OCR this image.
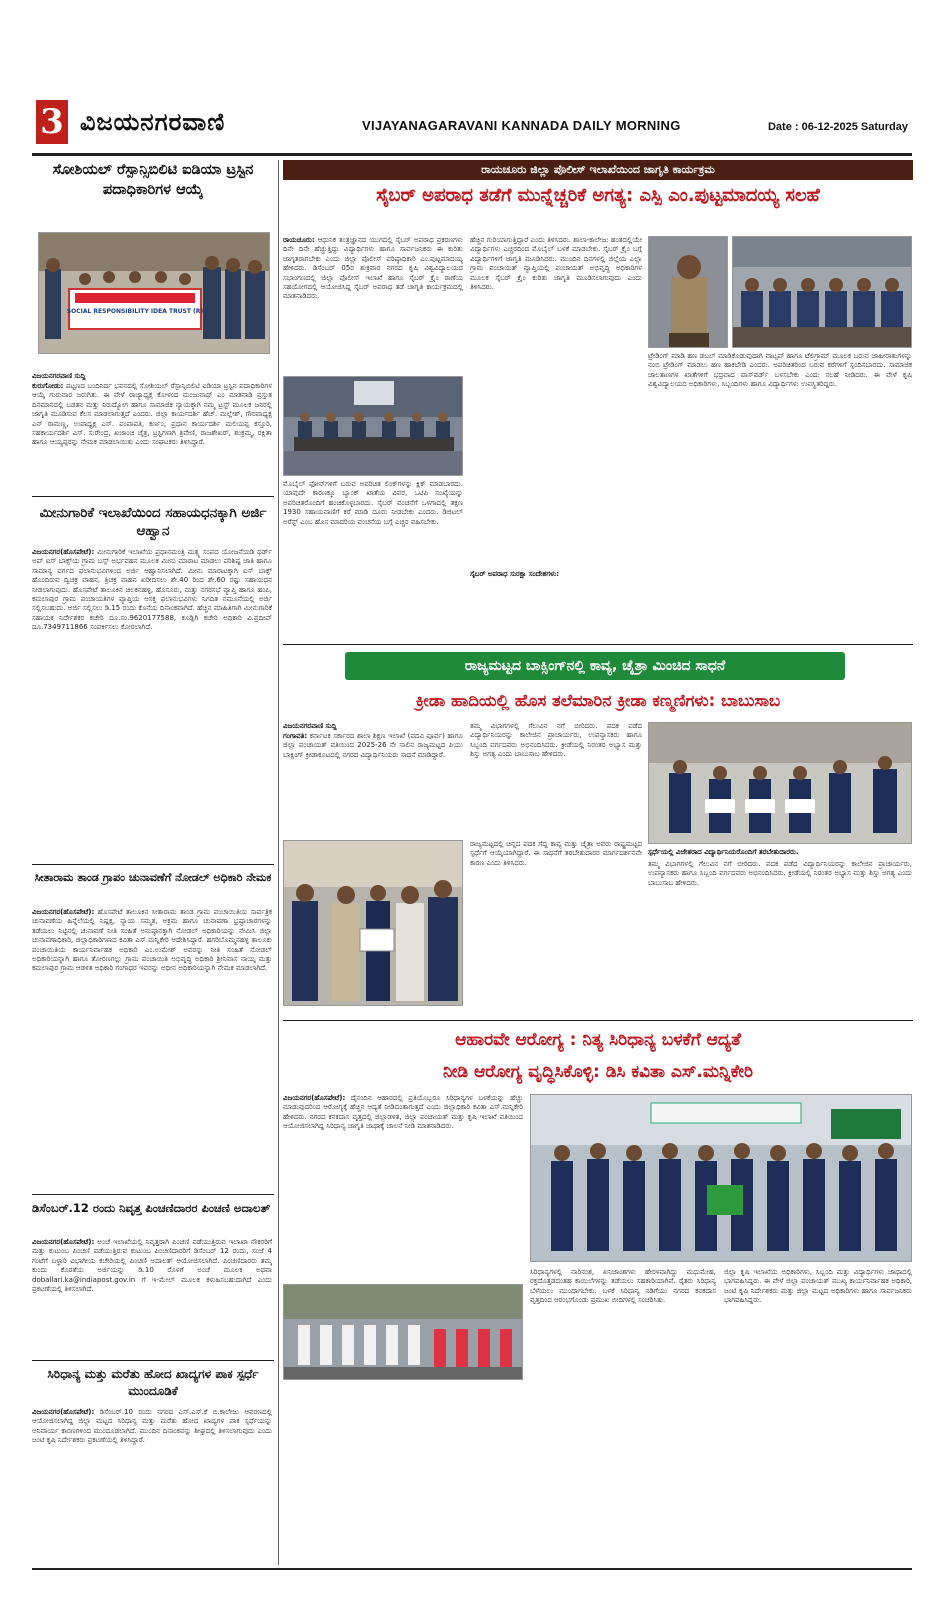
3 ವಿಜಯನಗರವಾಣಿ	VIJAYANAGARAVANI KANNADA DAILY MORNING	Date : 06-12-2025 Saturday
ಸೋಶಿಯಲ್ ರೆಸ್ಪಾನ್ಸಿಬಿಲಿಟಿ ಐಡಿಯಾ ಟ್ರಸ್ಟಿನ ಪದಾಧಿಕಾರಿಗಳ ಆಯ್ಕೆ
SOCIAL RESPONSIBILITY IDEA TRUST (R)
ವಿಜಯನಗರವಾಣಿ ಸುದ್ದಿ
ಕುರುಗೋಡು: ಪಟ್ಟಣದ ಬಂದಿನಿರ್ದ ಭವನದಲ್ಲಿ ಸೋಶಿಯಲ್ ರೆಸ್ಪಾನ್ಸಿಬಿಲಿಟಿ ಐಡಿಯಾ ಟ್ರಸ್ಟಿನ ಪದಾಧಿಕಾರಿಗಳ ಆಯ್ಕೆ ಗುರುವಾರ ಜರುಗಿತು. ಈ ವೇಳೆ ರಾಜ್ಯಾಧ್ಯಕ್ಷ ಕೋಳಂದ ಮಂಜುನಾಥ್ ಎಂ ಮಾತನಾಡಿ ಪ್ರಸ್ತುತ ದಿನಮಾನದಲ್ಲಿ ಬಡತನ ಮತ್ತು ನಿರುದ್ಯೋಗ ಹಾಗೂ ಸಾಮಾಜಿಕ ನ್ಯಾಯಕ್ಕಾಗಿ ನಮ್ಮ ಟ್ರಸ್ಟ್ ಮೂಲಕ ಜನರಲ್ಲಿ ಜಾಗೃತಿ ಮೂಡಿಸುವ ಕೆಲಸ ಮಾಡಲಾಗುತ್ತದೆ ಎಂದರು. ಜಿಲ್ಲಾ ಕಾರ್ಯದರ್ಶಿ ಹೆಚ್. ಮಲ್ಲೇಶ್, ಗೌರವಾಧ್ಯಕ್ಷ ಎನ್ ರಾಮಣ್ಣ, ಉಪಾಧ್ಯಕ್ಷ ಎಸ್. ಪಂಪಾಪತಿ, ಕರ್ಣಂ, ಪ್ರಧಾನ ಕಾರ್ಯದರ್ಶಿ ಮಲಿಯಪ್ಪ ಕಸ್ತೂರಿ, ಸಹಕಾರ್ಯದರ್ಶಿ ಎಸ್. ಸುರೇಂದ್ರ, ಖಜಾಂಚಿ ಚೈತ್ರ, ಟ್ರಸ್ಟಿಗಳಾಗಿ ತ್ರಿವೇಣಿ, ರಾಜಶೇಖರ್, ಶಂಕ್ರಮ್ಮ, ರಕ್ಷಿತಾ ಹಾಗೂ ಆಯ್ಯಪ್ಪರನ್ನು ನೇಮಕ ಮಾಡಲಾಯಿತು ಎಂದು ಸಂಘಟಕರು ತಿಳಿಸಿದ್ದಾರೆ.
ಮೀನುಗಾರಿಕೆ ಇಲಾಖೆಯಿಂದ ಸಹಾಯಧನಕ್ಕಾಗಿ ಅರ್ಜಿ ಆಹ್ವಾನ
ವಿಜಯನಗರ(ಹೊಸಪೇಟೆ): ಮೀನುಗಾರಿಕೆ ಇಲಾಖೆಯ ಪ್ರಧಾನಮಂತ್ರಿ ಮತ್ಸ್ಯ ಸಂಪದ ಯೋಜನೆಯಡಿ ಥರ್ಡ್ ಅಪ್ ಐಸ್ ಬಾಕ್ಸ್‌ಯ ಗ್ರಾಮ ಬಸ್ಸ್ ಅರ್ಭವಹನ ಮೂಲಕ ಮೀನು ಮಾರಾಟ ಮಾಡಲು ಪರಿಶಿಷ್ಟ ಜಾತಿ ಹಾಗೂ ಸಾಮಾನ್ಯ ವರ್ಗದ ಫಲಾನುಭವಿಗಳಿಂದ ಅರ್ಜಿ ಆಹ್ವಾನಿಸಲಾಗಿದೆ. ಮೀನು ಮಾರಾಟಕ್ಕಾಗಿ ಐಸ್ ಬಾಕ್ಸ್ ಹೊಂದಿರುವ ದ್ವಿಚಕ್ರ ವಾಹನ, ತ್ರಿಚಕ್ರ ವಾಹನ ಖರೀದಿಸಲು ಶೇ.40 ರಿಂದ ಶೇ.60 ರಷ್ಟು ಸಹಾಯಧನ ನೀಡಲಾಗುವುದು. ಹೊಸಪೇಟೆ ತಾಲೂಕಿನ ಚಿಲಕನಹಳ್ಳಿ, ಹೊಸೂರು, ಮತ್ತು ನಗರಸಭೆ ವ್ಯಾಪ್ತಿ ಹಾಗೂ ಹಂಪಿ, ಕಮಲಾಪುರ ಗ್ರಾಮ ಪಂಚಾಯತಿಗಳ ವ್ಯಾಪ್ತಿಯ ಆಸಕ್ತ ಫಲಾನುಭವಿಗಳು ನಿಗದಿತ ನಮೂನೆಯಲ್ಲಿ ಅರ್ಜಿ ಸಲ್ಲಿಸಬಹುದು. ಅರ್ಜಿ ಸಲ್ಲಿಸಲು ಡಿ.15 ರಂದು ಕೊನೆಯ ದಿನಾಂಕವಾಗಿದೆ. ಹೆಚ್ಚಿನ ಮಾಹಿತಿಗಾಗಿ ಮೀನುಗಾರಿಕೆ ಸಹಾಯಕ ನಿರ್ದೇಶಕರ ಕಚೇರಿ ದೂ.ಸಂ.9620177588, ಕೂಡ್ಲಿಗಿ ಕಚೇರಿ ಅಧಿಕಾರಿ ವಿ.ಪ್ರದೀಪ್ ದೂ.7349711866 ಸಂಪರ್ಕಿಸಲು ಕೋರಲಾಗಿದೆ.
ಸೀತಾರಾಮ ತಾಂಡ ಗ್ರಾಪಂ ಚುನಾವಣೆಗೆ ನೋಡಲ್ ಅಧಿಕಾರಿ ನೇಮಕ
ವಿಜಯನಗರ(ಹೊಸಪೇಟೆ): ಹೊಸಪೇಟೆ ತಾಲೂಕಿನ ಸೀತಾರಾಮ ತಾಂಡ ಗ್ರಾಮ ಪಂಚಾಯಿತಿಯ ಸಾರ್ವತ್ರಿಕ ಚುನಾವಣೆಯ ಹಿನ್ನೆಲೆಯಲ್ಲಿ ನಿಷ್ಪಕ್ಷ, ನ್ಯಾಯ ಸಮ್ಮತ, ಅಕ್ರಮ ಹಾಗೂ ಚುನಾವಣಾ ಭ್ರಷ್ಟಾಚಾರಗಳನ್ನು ತಡೆಯಲು ನಿಟ್ಟಿನಲ್ಲಿ ಚುನಾವಣೆ ನೀತಿ ಸಂಹಿತೆ ಅನುಷ್ಠಾನಕ್ಕಾಗಿ ನೋಡಲ್ ಅಧಿಕಾರಿಯನ್ನು ನೇಮಿಸಿ ಜಿಲ್ಲಾ ಚುನಾವಣಾಧಿಕಾರಿ, ಜಿಲ್ಲಾಧಿಕಾರಿಗಳಾದ ಕವಿತಾ ಎಸ್.ಮನ್ನಿಕೇರಿ ಆದೇಶಿಸಿದ್ದಾರೆ. ಹಗರಿಬೊಮ್ಮನಹಳ್ಳಿ ತಾಲೂಕು ಪಂಚಾಯಿತಿಯ ಕಾರ್ಯನಿರ್ವಾಹಕ ಅಧಿಕಾರಿ ಎಂ.ಉಮೇಶ್ ಅವರನ್ನು ನೀತಿ ಸಂಹಿತೆ ನೋಡಲ್ ಅಧಿಕಾರಿಯನ್ನಾಗಿ ಹಾಗೂ ತೋರಣಗಲ್ಲು ಗ್ರಾಮ ಪಂಚಾಯಿತಿ ಅಭಿವೃದ್ಧಿ ಅಧಿಕಾರಿ ಶ್ರೀನಿವಾಸ ನಾಯ್ಕ ಮತ್ತು ಕಮಲಾಪುರ ಗ್ರಾಮ ಆಡಳಿತ ಅಧಿಕಾರಿ ಗಂಗಾಧರ ಇವರನ್ನು ಅಧೀನ ಅಧಿಕಾರಿಯನ್ನಾಗಿ ನೇಮಕ ಮಾಡಲಾಗಿದೆ.
ಡಿಸೆಂಬರ್.12 ರಂದು ನಿವೃತ್ತ ಪಿಂಚಣಿದಾರರ ಪಿಂಚಣಿ ಅದಾಲತ್
ವಿಜಯನಗರ(ಹೊಸಪೇಟೆ): ಅಂಚೆ ಇಲಾಖೆಯಲ್ಲಿ ನಿವೃತ್ತರಾಗಿ ಪಿಂಚಣಿ ಪಡೆಯುತ್ತಿರುವ ಇಲಾಖಾ ನೌಕರರಿಗೆ ಮತ್ತು ಕುಟುಂಬ ಪಿಂಚಣಿ ಪಡೆಯುತ್ತಿರುವ ಕುಟುಂಬ ಪಿಂಚಣಿದಾರರಿಗೆ ಡಿಸೆಂಬರ್ 12 ರಂದು, ಸಂಜೆ 4 ಗಂಟೆಗೆ ಬಳ್ಳಾರಿ ವಿಭಾಗೀಯ ಕಚೇರಿಯಲ್ಲಿ ಪಿಂಚಣಿ ಅದಾಲತ್ ಆಯೋಜಿಸಲಾಗಿದೆ. ಪಿಂಚಣಿದಾರರು ತಮ್ಮ ಕುಂದು ಕೊರತೆಯ ಅರ್ಜಿಯನ್ನು ಡಿ.10 ರೊಳಗೆ ಅಂಚೆ ಮೂಲಕ ಅಥವಾ doballari.ka@indiapost.gov.in ಗೆ ಇ-ಮೇಲ್ ಮೂಲಕ ಕಳುಹಿಸಬಹುದಾಗಿದೆ ಎಂದು ಪ್ರಕಟಣೆಯಲ್ಲಿ ತಿಳಿಸಲಾಗಿದೆ.
ಸಿರಿಧಾನ್ಯ ಮತ್ತು ಮರೆತು ಹೋದ ಖಾದ್ಯಗಳ ಪಾಕ ಸ್ಪರ್ಧೆ ಮುಂದೂಡಿಕೆ
ವಿಜಯನಗರ(ಹೊಸಪೇಟೆ): ಡಿಸೆಂಬರ್.10 ರಂದು ನಗರದ ಎಸ್.ಎಸ್.ಕೆ ಬಿ.ಕಾಲೇಜು ಆವರಣದಲ್ಲಿ ಆಯೋಜಿಸಲಾಗಿದ್ದ ಜಿಲ್ಲಾ ಮಟ್ಟದ ಸಿರಿಧಾನ್ಯ ಮತ್ತು ಮರೆತು ಹೋದ ಖಾದ್ಯಗಳ ಪಾಕ ಸ್ಪರ್ಧೆಯನ್ನು ಅನಿವಾರ್ಯ ಕಾರಣಗಳಿಂದ ಮುಂದೂಡಲಾಗಿದೆ. ಮುಂದಿನ ದಿನಾಂಕವನ್ನು ಶೀಘ್ರದಲ್ಲಿ ತಿಳಿಸಲಾಗುವುದು ಎಂದು ಜಂಟಿ ಕೃಷಿ ನಿರ್ದೇಶಕರು ಪ್ರಕಟಣೆಯಲ್ಲಿ ತಿಳಿಸಿದ್ದಾರೆ.
ರಾಯಚೂರು ಜಿಲ್ಲಾ ಪೊಲೀಸ್ ಇಲಾಖೆಯಿಂದ ಜಾಗೃತಿ ಕಾರ್ಯಕ್ರಮ
ಸೈಬರ್ ಅಪರಾಧ ತಡೆಗೆ ಮುನ್ನೆಚ್ಚರಿಕೆ ಅಗತ್ಯ: ಎಸ್ಪಿ ಎಂ.ಪುಟ್ಟಮಾದಯ್ಯ ಸಲಹೆ
ರಾಯಚೂರು: ಆಧುನಿಕ ತಂತ್ರಜ್ಞಾನದ ಯುಗದಲ್ಲಿ ಸೈಬರ್ ಅಪರಾಧ ಪ್ರಕರಣಗಳು ದಿನೇ ದಿನೇ ಹೆಚ್ಚುತ್ತಿದ್ದು ವಿದ್ಯಾರ್ಥಿಗಳು ಹಾಗೂ ಸಾರ್ವಜನಿಕರು ಈ ಕುರಿತು ಜಾಗೃತರಾಗಬೇಕು ಎಂದು ಜಿಲ್ಲಾ ಪೊಲೀಸ್ ವರಿಷ್ಠಾಧಿಕಾರಿ ಎಂ.ಪುಟ್ಟಮಾದಯ್ಯ ಹೇಳಿದರು. ಡಿಸೆಂಬರ್ 05ರ ಶುಕ್ರವಾರ ನಗರದ ಕೃಷಿ ವಿಶ್ವವಿದ್ಯಾಲಯದ ಸಭಾಂಗಣದಲ್ಲಿ ಜಿಲ್ಲಾ ಪೊಲೀಸ್ ಇಲಾಖೆ ಹಾಗೂ ಸೈಬರ್ ಕ್ರೈಂ ಠಾಣೆಯ ಸಹಯೋಗದಲ್ಲಿ ಆಯೋಜಿಸಿದ್ದ ಸೈಬರ್ ಅಪರಾಧ ತಡೆ ಜಾಗೃತಿ ಕಾರ್ಯಕ್ರಮದಲ್ಲಿ ಮಾತನಾಡಿದರು.
ಮೊಬೈಲ್ ಫೋನ್‌ಗಳಿಗೆ ಬರುವ ಅಪರಿಚಿತ ಲಿಂಕ್‌ಗಳನ್ನು ಕ್ಲಿಕ್ ಮಾಡಬಾರದು. ಯಾವುದೇ ಕಾರಣಕ್ಕೂ ಬ್ಯಾಂಕ್ ಖಾತೆಯ ವಿವರ, ಒಟಿಪಿ ಸಂಖ್ಯೆಯನ್ನು ಅಪರಿಚಿತರೊಂದಿಗೆ ಹಂಚಿಕೊಳ್ಳಬಾರದು. ಸೈಬರ್ ವಂಚನೆಗೆ ಒಳಗಾದಲ್ಲಿ ತಕ್ಷಣ 1930 ಸಹಾಯವಾಣಿಗೆ ಕರೆ ಮಾಡಿ ದೂರು ನೀಡಬೇಕು ಎಂದರು. ಡಿಜಿಟಲ್ ಅರೆಸ್ಟ್ ಎಂಬ ಹೊಸ ಮಾದರಿಯ ವಂಚನೆಯ ಬಗ್ಗೆ ಎಚ್ಚರ ವಹಿಸಬೇಕು.
ಹೆಚ್ಚಿನ ಗುರಿಯಾಗುತ್ತಿದ್ದಾರೆ ಎಂದು ತಿಳಿಸಿದರು. ಶಾಲಾ-ಕಾಲೇಜು ಹಂತದಲ್ಲಿಯೇ ವಿದ್ಯಾರ್ಥಿಗಳು ಎಚ್ಚರದಿಂದ ಮೊಬೈಲ್ ಬಳಕೆ ಮಾಡಬೇಕು. ಸೈಬರ್ ಕ್ರೈಂ ಬಗ್ಗೆ ವಿದ್ಯಾರ್ಥಿಗಳಿಗೆ ಜಾಗೃತಿ ಮೂಡಿಸಿದರು. ಮುಂದಿನ ದಿನಗಳಲ್ಲಿ ಜಿಲ್ಲೆಯ ಎಲ್ಲಾ ಗ್ರಾಮ ಪಂಚಾಯತ್ ವ್ಯಾಪ್ತಿಯಲ್ಲಿ ಪಂಚಾಯತ್ ಅಭಿವೃದ್ಧಿ ಅಧಿಕಾರಿಗಳ ಮೂಲಕ ಸೈಬರ್ ಕ್ರೈಂ ಕುರಿತು ಜಾಗೃತಿ ಮೂಡಿಸಲಾಗುವುದು ಎಂದು ತಿಳಿಸಿದರು.
ಸೈಬರ್ ಅಪರಾಧ ಸುರಕ್ಷಾ ಸಂದೇಶಗಳು:
ಟ್ರೇಡಿಂಗ್ ಮಾಡಿ ಹಣ ಡಬಲ್ ಮಾಡಿಕೊಡುವುದಾಗಿ ವಾಟ್ಸಪ್ ಹಾಗೂ ಟೆಲಿಗ್ರಾಮ್ ಮೂಲಕ ಬರುವ ಜಾಹೀರಾತುಗಳನ್ನು ನಂಬಿ ಟ್ರೇಡಿಂಗ್ ಮಾಡಲು ಹಣ ಹಾಕಬೇಡಿ ಎಂದರು. ಅಪರಿಚಿತರಿಂದ ಬರುವ ಕರೆಗಳಿಗೆ ಸ್ಪಂದಿಸಬಾರದು. ಸಾಮಾಜಿಕ ಜಾಲತಾಣಗಳ ಖಾತೆಗಳಿಗೆ ಭದ್ರವಾದ ಪಾಸ್‌ವರ್ಡ್ ಬಳಸಬೇಕು ಎಂದು ಸಲಹೆ ನೀಡಿದರು. ಈ ವೇಳೆ ಕೃಷಿ ವಿಶ್ವವಿದ್ಯಾಲಯದ ಅಧಿಕಾರಿಗಳು, ಸಿಬ್ಬಂದಿಗಳು ಹಾಗೂ ವಿದ್ಯಾರ್ಥಿಗಳು ಉಪಸ್ಥಿತರಿದ್ದರು.
ರಾಜ್ಯಮಟ್ಟದ ಬಾಕ್ಸಿಂಗ್‌ನಲ್ಲಿ ಕಾವ್ಯ, ಚೈತ್ರಾ ಮಿಂಚಿದ ಸಾಧನೆ
ಕ್ರೀಡಾ ಹಾದಿಯಲ್ಲಿ ಹೊಸ ತಲೆಮಾರಿನ ಕ್ರೀಡಾ ಕಣ್ಮಣಿಗಳು: ಬಾಬುಸಾಬ
ವಿಜಯನಗರವಾಣಿ ಸುದ್ದಿ
ಗಂಗಾವತಿ: ಕರ್ನಾಟಕ ಸರ್ಕಾರದ ಶಾಲಾ ಶಿಕ್ಷಣ ಇಲಾಖೆ (ಪದವಿ ಪೂರ್ವ) ಹಾಗೂ ಜಿಲ್ಲಾ ಪಂಚಾಯತ್ ವತಿಯಿಂದ 2025-26 ನೇ ಸಾಲಿನ ರಾಜ್ಯಮಟ್ಟದ ಪಿಯು ಬಾಕ್ಸಿಂಗ್ ಕ್ರೀಡಾಕೂಟದಲ್ಲಿ ನಗರದ ವಿದ್ಯಾರ್ಥಿನಿಯರು ಸಾಧನೆ ಮಾಡಿದ್ದಾರೆ.
ತಮ್ಮ ವಿಭಾಗಗಳಲ್ಲಿ ಗೆಲುವಿನ ನಗೆ ಬೀರಿದರು. ಪದಕ ಪಡೆದ ವಿದ್ಯಾರ್ಥಿನಿಯರನ್ನು ಕಾಲೇಜಿನ ಪ್ರಾಚಾರ್ಯರು, ಉಪನ್ಯಾಸಕರು ಹಾಗೂ ಸಿಬ್ಬಂದಿ ವರ್ಗದವರು ಅಭಿನಂದಿಸಿದರು. ಕ್ರೀಡೆಯಲ್ಲಿ ನಿರಂತರ ಅಭ್ಯಾಸ ಮತ್ತು ಶಿಸ್ತು ಅಗತ್ಯ ಎಂದು ಬಾಬುಸಾಬ ಹೇಳಿದರು.
ರಾಜ್ಯಮಟ್ಟದಲ್ಲಿ ಚಿನ್ನದ ಪದಕ ಗೆದ್ದ ಕಾವ್ಯ ಮತ್ತು ಚೈತ್ರಾ ಅವರು ರಾಷ್ಟ್ರಮಟ್ಟದ ಸ್ಪರ್ಧೆಗೆ ಆಯ್ಕೆಯಾಗಿದ್ದಾರೆ. ಈ ಸಾಧನೆಗೆ ತರಬೇತುದಾರರ ಮಾರ್ಗದರ್ಶನವೇ ಕಾರಣ ಎಂದು ತಿಳಿಸಿದರು.
ಸ್ಪರ್ಧೆಯಲ್ಲಿ ವಿಜೇತರಾದ ವಿದ್ಯಾರ್ಥಿನಿಯರೊಂದಿಗೆ ತರಬೇತುದಾರರು.
ತಮ್ಮ ವಿಭಾಗಗಳಲ್ಲಿ ಗೆಲುವಿನ ನಗೆ ಬೀರಿದರು. ಪದಕ ಪಡೆದ ವಿದ್ಯಾರ್ಥಿನಿಯರನ್ನು ಕಾಲೇಜಿನ ಪ್ರಾಚಾರ್ಯರು, ಉಪನ್ಯಾಸಕರು ಹಾಗೂ ಸಿಬ್ಬಂದಿ ವರ್ಗದವರು ಅಭಿನಂದಿಸಿದರು. ಕ್ರೀಡೆಯಲ್ಲಿ ನಿರಂತರ ಅಭ್ಯಾಸ ಮತ್ತು ಶಿಸ್ತು ಅಗತ್ಯ ಎಂದು ಬಾಬುಸಾಬ ಹೇಳಿದರು.
ಆಹಾರವೇ ಆರೋಗ್ಯ : ನಿತ್ಯ ಸಿರಿಧಾನ್ಯ ಬಳಕೆಗೆ ಆದ್ಯತೆ
ನೀಡಿ ಆರೋಗ್ಯ ವೃದ್ಧಿಸಿಕೊಳ್ಳಿ: ಡಿಸಿ ಕವಿತಾ ಎಸ್.ಮನ್ನಿಕೇರಿ
ವಿಜಯನಗರ(ಹೊಸಪೇಟೆ): ದೈನಂದಿನ ಆಹಾರದಲ್ಲಿ ಪ್ರತಿಯೊಬ್ಬರೂ ಸಿರಿಧಾನ್ಯಗಳ ಬಳಕೆಯನ್ನು ಹೆಚ್ಚು ಮಾಡುವುದರಿಂದ ಆರೋಗ್ಯಕ್ಕೆ ಹೆಚ್ಚಿನ ಆದ್ಯತೆ ನೀಡಿದಂತಾಗುತ್ತದೆ ಎಂದು ಜಿಲ್ಲಾಧಿಕಾರಿ ಕವಿತಾ ಎಸ್.ಮನ್ನಿಕೇರಿ ಹೇಳಿದರು. ನಗರದ ಕನಕದಾಸ ವೃತ್ತದಲ್ಲಿ ಜಿಲ್ಲಾಡಳಿತ, ಜಿಲ್ಲಾ ಪಂಚಾಯತ್ ಮತ್ತು ಕೃಷಿ ಇಲಾಖೆ ವತಿಯಿಂದ ಆಯೋಜಿಸಲಾಗಿದ್ದ ಸಿರಿಧಾನ್ಯ ಜಾಗೃತಿ ಜಾಥಾಕ್ಕೆ ಚಾಲನೆ ನೀಡಿ ಮಾತನಾಡಿದರು.
ಸಿರಿಧಾನ್ಯಗಳಲ್ಲಿ ನಾರಿನಂಶ, ಖನಿಜಾಂಶಗಳು ಹೇರಳವಾಗಿದ್ದು ಮಧುಮೇಹ, ರಕ್ತದೊತ್ತಡದಂತಹ ಕಾಯಿಲೆಗಳನ್ನು ತಡೆಯಲು ಸಹಕಾರಿಯಾಗಿವೆ. ರೈತರು ಸಿರಿಧಾನ್ಯ ಬೆಳೆಯಲು ಮುಂದಾಗಬೇಕು. ಬಳಕೆ ಸಿರಿಧಾನ್ಯ ನಡಿಗೆಯು ನಗರದ ಕನಕದಾಸ ವೃತ್ತದಿಂದ ಆರಂಭಗೊಂಡು ಪ್ರಮುಖ ಬೀದಿಗಳಲ್ಲಿ ಸಂಚರಿಸಿತು.
ಜಿಲ್ಲಾ ಕೃಷಿ ಇಲಾಖೆಯ ಅಧಿಕಾರಿಗಳು, ಸಿಬ್ಬಂದಿ ಮತ್ತು ವಿದ್ಯಾರ್ಥಿಗಳು ಜಾಥಾದಲ್ಲಿ ಭಾಗವಹಿಸಿದ್ದರು. ಈ ವೇಳೆ ಜಿಲ್ಲಾ ಪಂಚಾಯತ್ ಮುಖ್ಯ ಕಾರ್ಯನಿರ್ವಾಹಕ ಅಧಿಕಾರಿ, ಜಂಟಿ ಕೃಷಿ ನಿರ್ದೇಶಕರು ಮತ್ತು ಜಿಲ್ಲಾ ಮಟ್ಟದ ಅಧಿಕಾರಿಗಳು ಹಾಗೂ ಸಾರ್ವಜನಿಕರು ಭಾಗವಹಿಸಿದ್ದರು.
